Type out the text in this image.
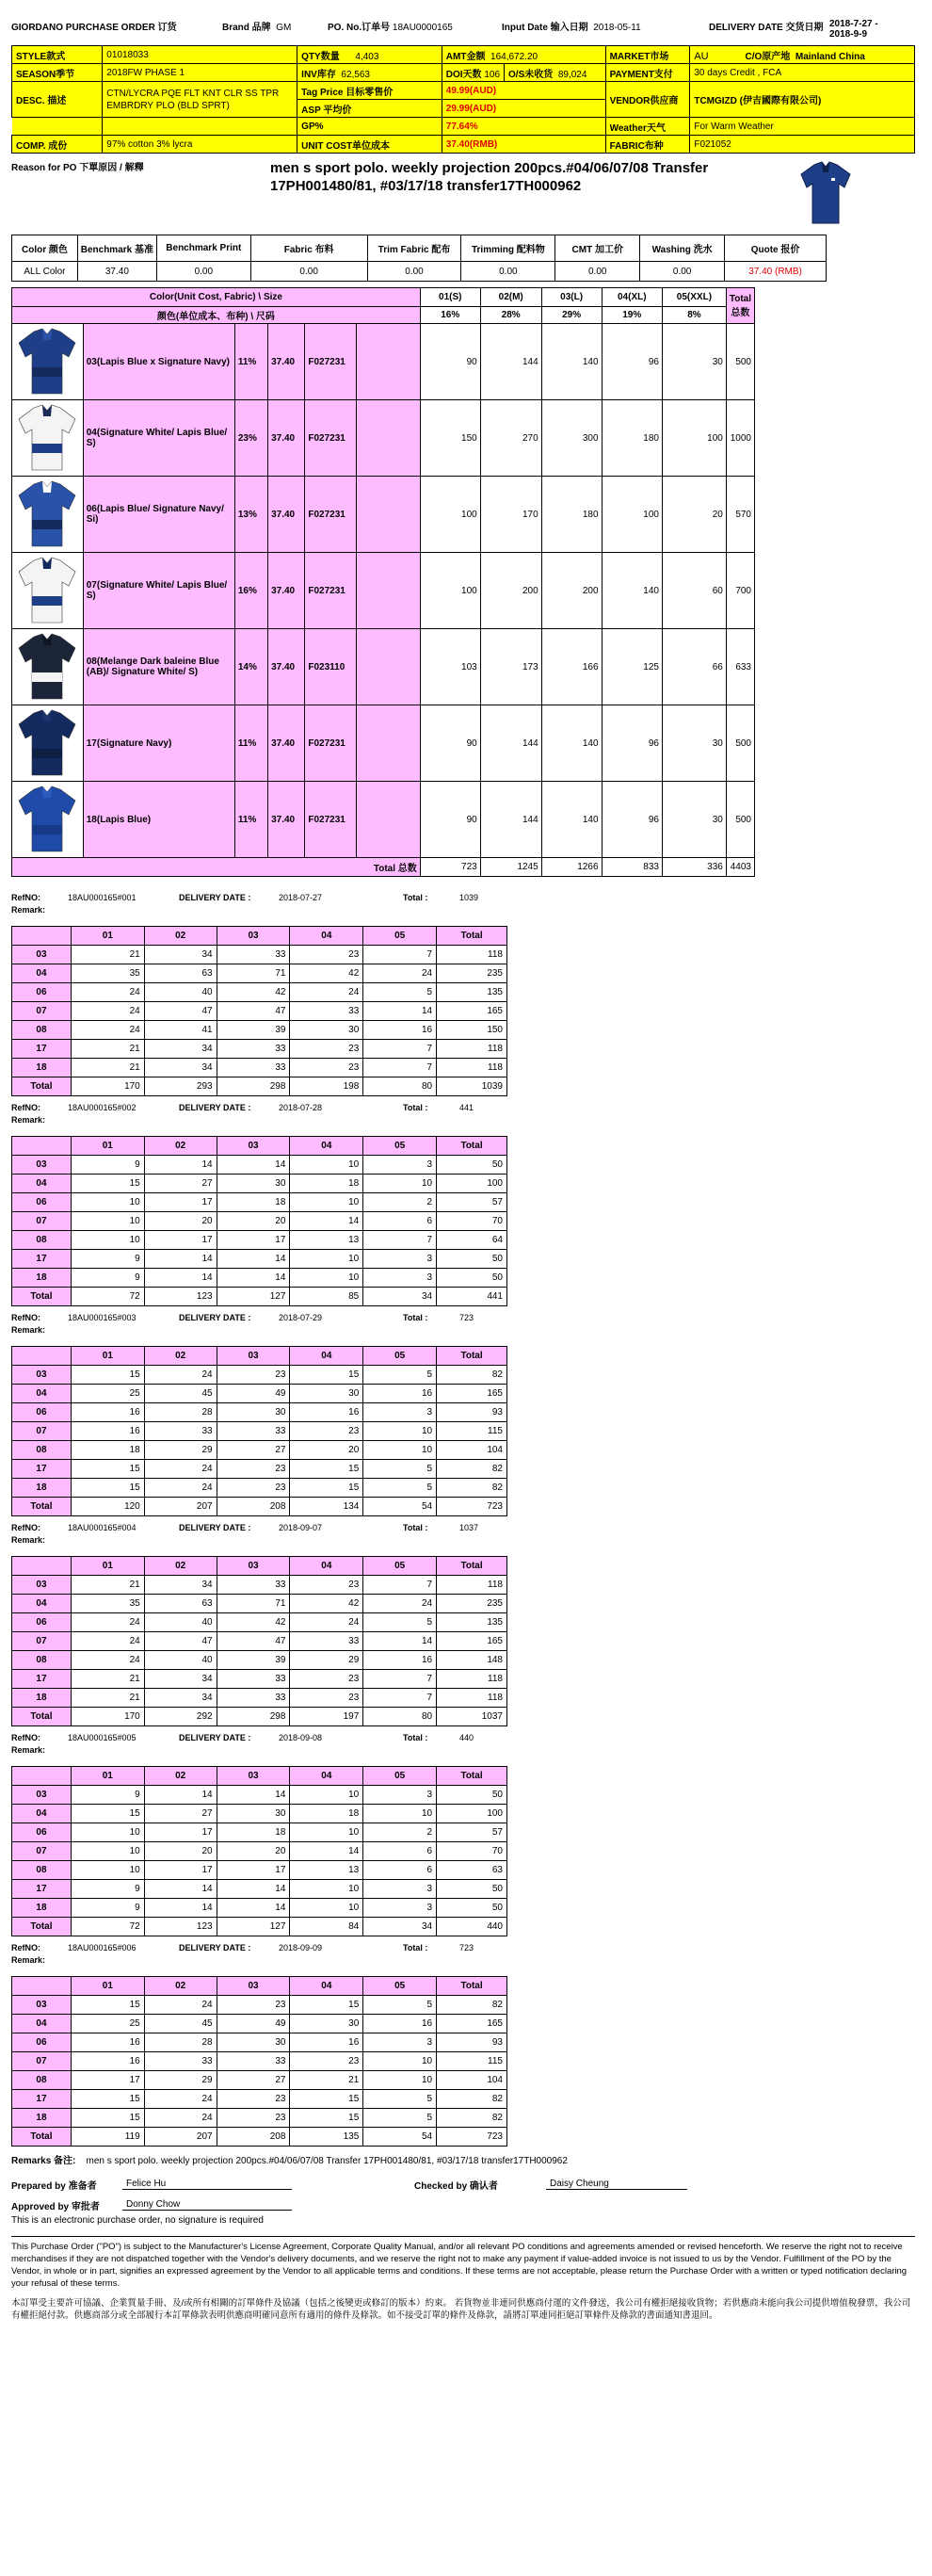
GIORDANO PURCHASE ORDER 订货	Brand 品牌 GM	PO. No.订单号 18AU0000165	Input Date 输入日期 2018-05-11	DELIVERY DATE 交货日期 2018-7-27 - 2018-9-9
STYLE款式	01018033	QTY数量 4,403	AMT金额 164,672.20		MARKET市场	AU C/O原产地 Mainland China
SEASON季节	2018FW PHASE 1	INV库存 62,563	DOI天数 106	O/S未收货 89,024	PAYMENT支付	30 days Credit , FCA
DESC. 描述	CTN/LYCRA PQE FLT KNT CLR SS TPR EMBRDRY PLO (BLD SPRT)	Tag Price 目标零售价	49.99(AUD)		VENDOR供应商	TCMGIZD (伊吉國際有限公司)
		ASP 平均价	29.99(AUD)			
		GP%	77.64%		Weather天气	For Warm Weather
COMP. 成份	97% cotton 3% lycra	UNIT COST单位成本	37.40(RMB)		FABRIC布种	F021052
Reason for PO 下單原因 / 解釋	men s sport polo. weekly projection 200pcs.#04/06/07/08 Transfer 17PH001480/81, #03/17/18 transfer17TH000962
Color 颜色	Benchmark 基准	Benchmark Print	Fabric 布料	Trim Fabric 配布	Trimming 配料物	CMT 加工价	Washing 洗水	Quote 报价
ALL Color	37.40	0.00	0.00	0.00	0.00	0.00	0.00	37.40 (RMB)
Color(Unit Cost, Fabric) \ Size						01(S)	02(M)	03(L)	04(XL)	05(XXL)	Total 总数
颜色(单位成本、布种) \ 尺码						16%	28%	29%	19%	8%	

	03(Lapis Blue x Signature Navy)	11%	37.40	F027231		90	144	140	96	30	500

	04(Signature White/ Lapis Blue/ S)	23%	37.40	F027231		150	270	300	180	100	1000

	06(Lapis Blue/ Signature Navy/ Si)	13%	37.40	F027231		100	170	180	100	20	570

	07(Signature White/ Lapis Blue/ S)	16%	37.40	F027231		100	200	200	140	60	700

	08(Melange Dark baleine Blue (AB)/ Signature White/ S)	14%	37.40	F023110		103	173	166	125	66	633

	17(Signature Navy)	11%	37.40	F027231		90	144	140	96	30	500

	18(Lapis Blue)	11%	37.40	F027231		90	144	140	96	30	500
Total 总数						723	1245	1266	833	336	4403
RefNO:	18AU000165#001	DELIVERY DATE :	2018-07-27	Total :	1039
Remark:
	01	02	03	04	05	Total
03	21	34	33	23	7	118
04	35	63	71	42	24	235
06	24	40	42	24	5	135
07	24	47	47	33	14	165
08	24	41	39	30	16	150
17	21	34	33	23	7	118
18	21	34	33	23	7	118
Total	170	293	298	198	80	1039
RefNO:	18AU000165#002	DELIVERY DATE :	2018-07-28	Total :	441
Remark:
	01	02	03	04	05	Total
03	9	14	14	10	3	50
04	15	27	30	18	10	100
06	10	17	18	10	2	57
07	10	20	20	14	6	70
08	10	17	17	13	7	64
17	9	14	14	10	3	50
18	9	14	14	10	3	50
Total	72	123	127	85	34	441
RefNO:	18AU000165#003	DELIVERY DATE :	2018-07-29	Total :	723
Remark:
	01	02	03	04	05	Total
03	15	24	23	15	5	82
04	25	45	49	30	16	165
06	16	28	30	16	3	93
07	16	33	33	23	10	115
08	18	29	27	20	10	104
17	15	24	23	15	5	82
18	15	24	23	15	5	82
Total	120	207	208	134	54	723
RefNO:	18AU000165#004	DELIVERY DATE :	2018-09-07	Total :	1037
Remark:
	01	02	03	04	05	Total
03	21	34	33	23	7	118
04	35	63	71	42	24	235
06	24	40	42	24	5	135
07	24	47	47	33	14	165
08	24	40	39	29	16	148
17	21	34	33	23	7	118
18	21	34	33	23	7	118
Total	170	292	298	197	80	1037
RefNO:	18AU000165#005	DELIVERY DATE :	2018-09-08	Total :	440
Remark:
	01	02	03	04	05	Total
03	9	14	14	10	3	50
04	15	27	30	18	10	100
06	10	17	18	10	2	57
07	10	20	20	14	6	70
08	10	17	17	13	6	63
17	9	14	14	10	3	50
18	9	14	14	10	3	50
Total	72	123	127	84	34	440
RefNO:	18AU000165#006	DELIVERY DATE :	2018-09-09	Total :	723
Remark:
	01	02	03	04	05	Total
03	15	24	23	15	5	82
04	25	45	49	30	16	165
06	16	28	30	16	3	93
07	16	33	33	23	10	115
08	17	29	27	21	10	104
17	15	24	23	15	5	82
18	15	24	23	15	5	82
Total	119	207	208	135	54	723
Remarks 备注: men s sport polo. weekly projection 200pcs.#04/06/07/08 Transfer 17PH001480/81, #03/17/18 transfer17TH000962
Prepared by 准备者	Felice Hu	Checked by 确认者	Daisy Cheung
Approved by 审批者	Donny Chow
This is an electronic purchase order, no signature is required
This Purchase Order ("PO") is subject to the Manufacturer's License Agreement, Corporate Quality Manual, and/or all relevant PO conditions and agreements amended or revised henceforth. We reserve the right not to receive merchandises if they are not dispatched together with the Vendor's delivery documents, and we reserve the right not to make any payment if value-added invoice is not issued to us by the Vendor. Fulfillment of the PO by the Vendor, in whole or in part, signifies an expressed agreement by the Vendor to all applicable terms and conditions. If these terms are not acceptable, please return the Purchase Order with a written or typed notification declaring your refusal of these terms.
本訂單受主要許可協議、企業質量手冊、及/或所有相關的訂單條件及協議（包括之後變更或修訂的版本）約束。 若貨物並非連同供應商付運的文件發送，我公司有權拒絕接收貨物；若供應商未能向我公司提供增值稅發票，我公司有權拒絕付款。供應商部分或全部履行本訂單條款表明供應商明確同意所有適用的條件及條款。如不接受訂單的條件及條款，請將訂單連同拒絕訂單條件及條款的書面通知書退回。
